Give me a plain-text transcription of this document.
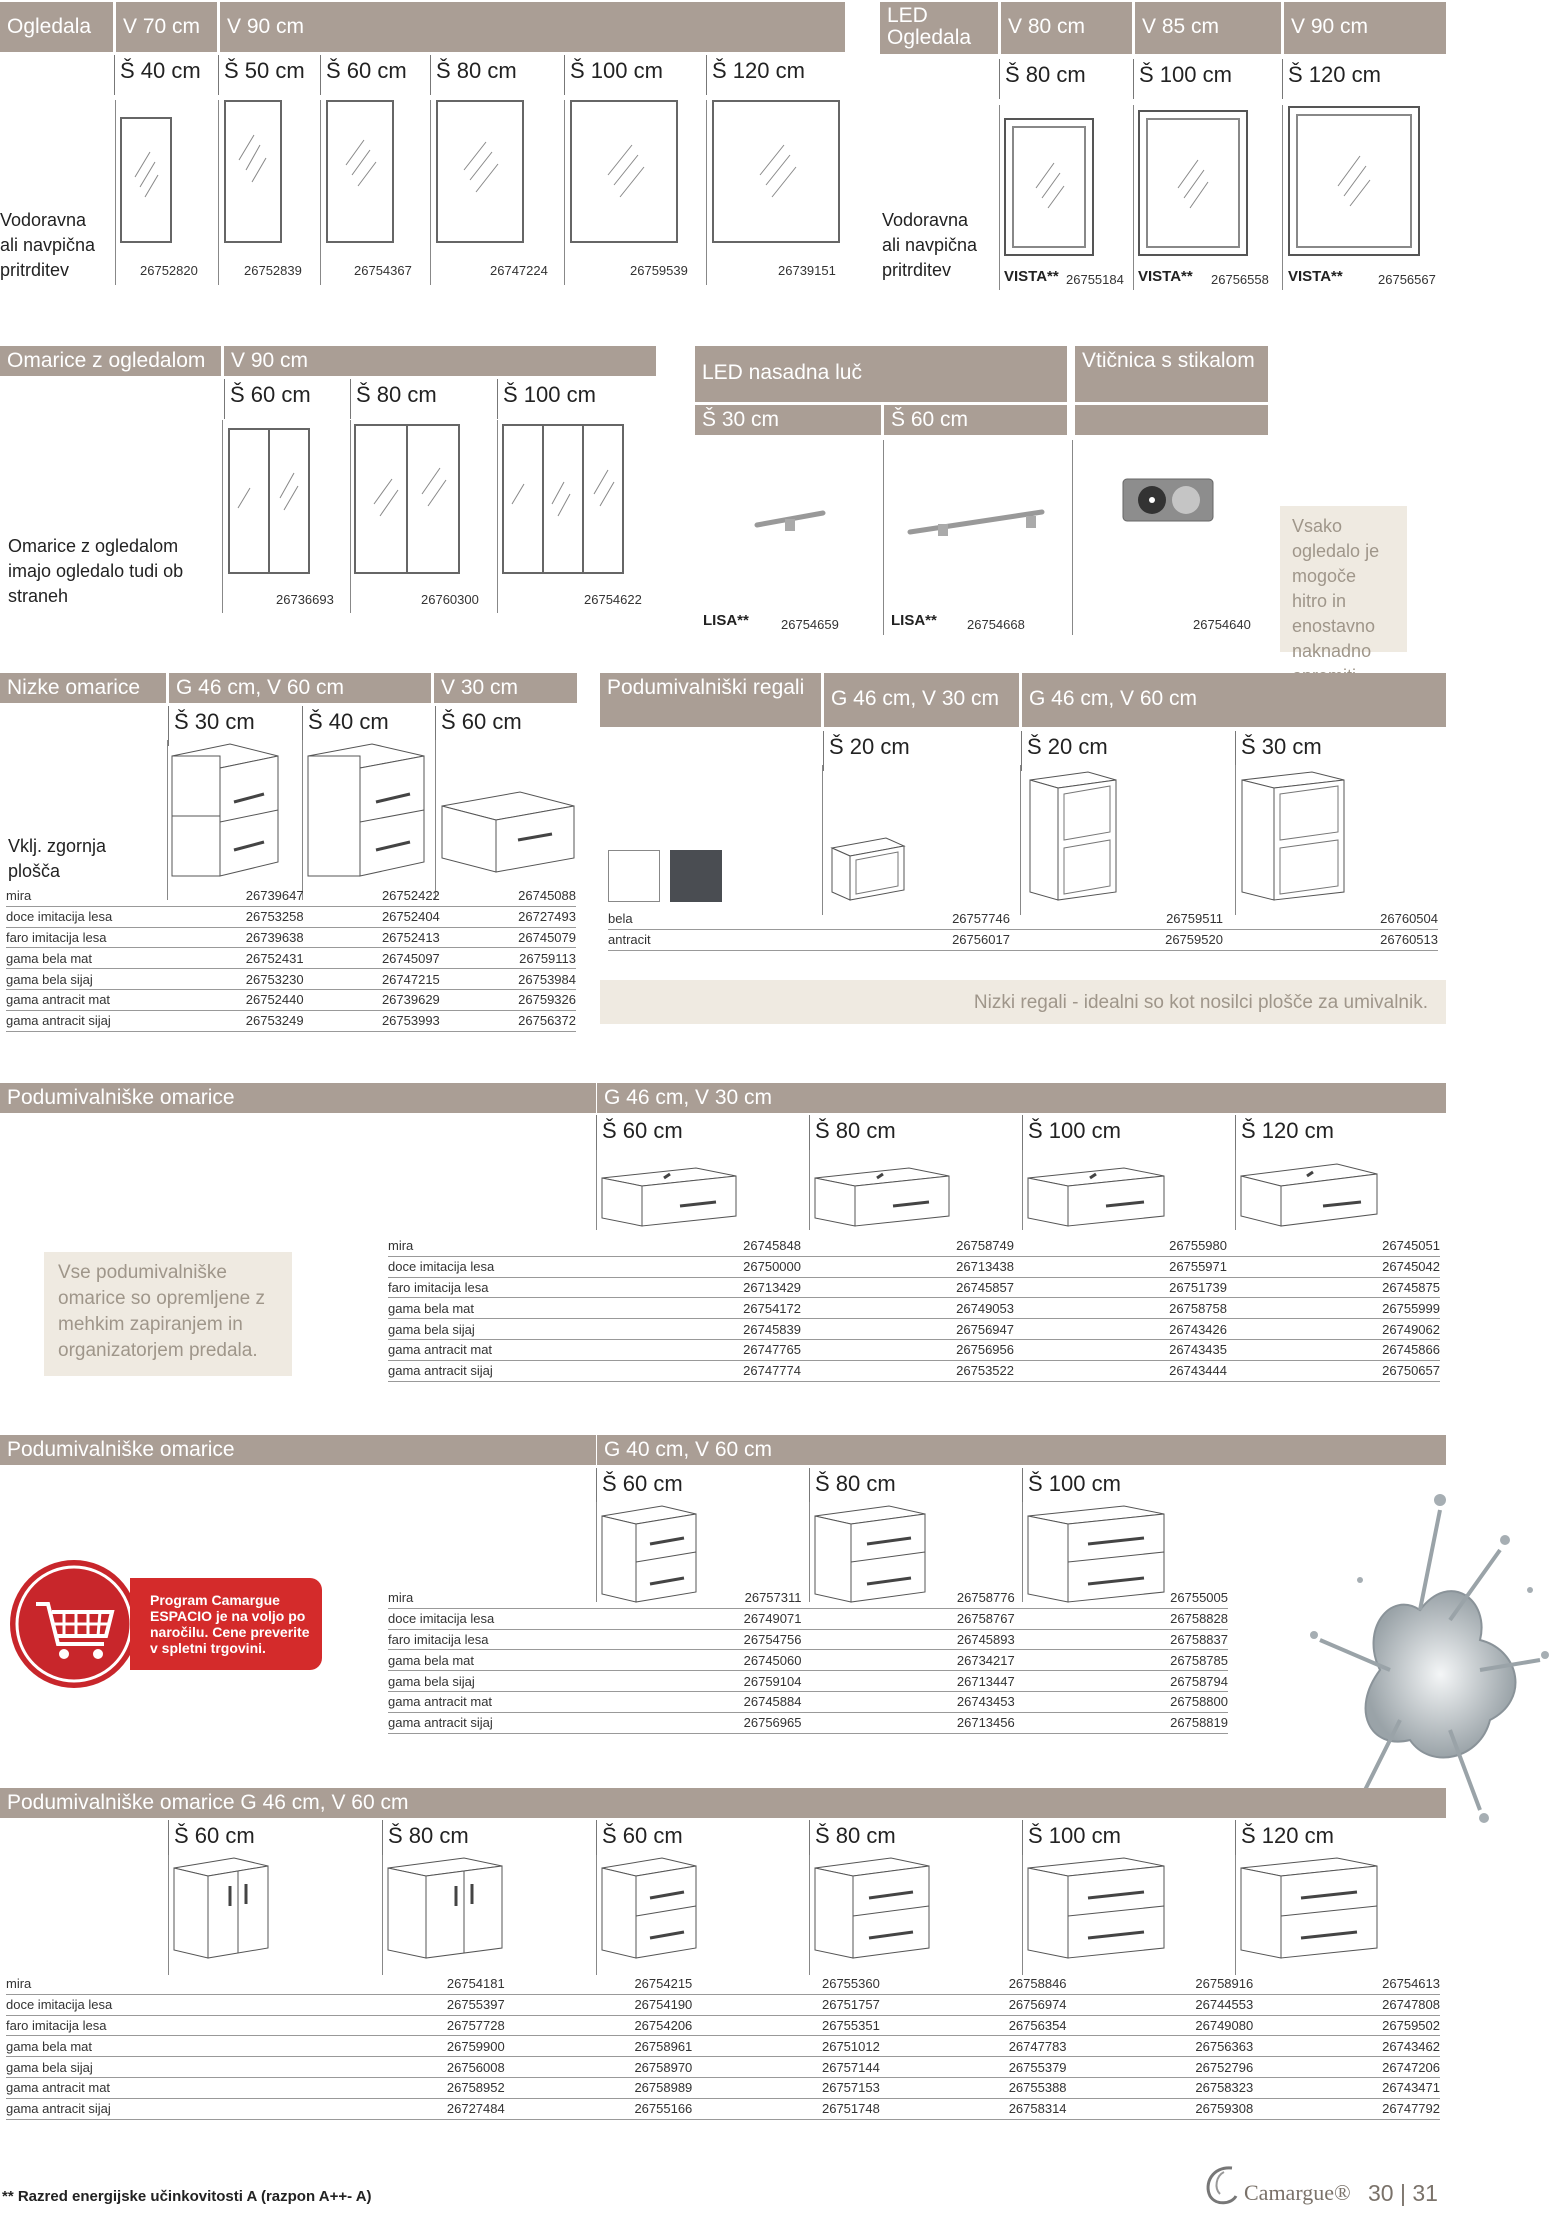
Ogledala	V 70 cm	V 90 cm
Š 40 cm Š 50 cm Š 60 cm Š 80 cm Š 100 cm Š 120 cm
Vodoravna ali navpična pritrditev	26752820	26752839	26754367	26747224	26759539	26739151
LED Ogledala	V 80 cm	V 85 cm	V 90 cm
Š 80 cm Š 100 cm	Š 120 cm
Vodoravna ali navpična pritrditev	VISTA**	VISTA**	VISTA**
26755184	26756558	26756567
Omarice z ogledalom	V 90 cm
Š 60 cm Š 80 cm	Š 100 cm
Omarice z ogledalom imajo ogledalo tudi ob straneh	26736693	26760300	26754622
LED nasadna luč
Š 30 cm	Š 60 cm
LISA**	LISA**
26754659	26754668
Vtičnica s stikalom
26754640
Vsako ogledalo je mogoče hitro in enostavno naknadno
Nizke omarice	G 46 cm, V 60 cm	V 30 cm
Š 30 cm Š 40 cm Š 60 cm
Vklj. zgornja plošča
mira	26739647	26752422	26745088
doce imitacija lesa	26753258	26752404	26727493
faro imitacija lesa	26739638	26752413	26745079
gama bela mat	26752431	26745097	26759113
gama bela sijaj	26753230	26747215	26753984
gama antracit mat	26752440	26739629	26759326
gama antracit sijaj	26753249	26753993	26756372
Podumivalniški regali	G 46 cm, V 30 cm	G 46 cm, V 60 cm
Š 20 cm	Š 20 cm	Š 30 cm
bela	26757746	26759511	26760504
antracit	26756017	26759520	26760513
Nizki regali - idealni so kot nosilci plošče za umivalnik.
Podumivalniške omarice	G 46 cm, V 30 cm
Š 60 cm	Š 80 cm	Š 100 cm	Š 120 cm
Vse podumivalniške omarice so opremljene z mehkim zapiranjem in organizatorjem predala.
mira	26745848	26758749	26755980	26745051
doce imitacija lesa	26750000	26713438	26755971	26745042
faro imitacija lesa	26713429	26745857	26751739	26745875
gama bela mat	26754172	26749053	26758758	26755999
gama bela sijaj	26745839	26756947	26743426	26749062
gama antracit mat	26747765	26756956	26743435	26745866
gama antracit sijaj	26747774	26753522	26743444	26750657
Podumivalniške omarice	G 40 cm, V 60 cm
Š 60 cm	Š 80 cm	Š 100 cm
Program Camargue ESPACIO je na voljo po naročilu. Cene preverite v spletni trgovini.
mira	26757311	26758776	26755005
doce imitacija lesa	26749071	26758767	26758828
faro imitacija lesa	26754756	26745893	26758837
gama bela mat	26745060	26734217	26758785
gama bela sijaj	26759104	26713447	26758794
gama antracit mat	26745884	26743453	26758800
gama antracit sijaj	26756965	26713456	26758819
Podumivalniške omarice G 46 cm, V 60 cm
Š 60 cm	Š 80 cm	Š 60 cm	Š 80 cm	Š 100 cm	Š 120 cm
mira	26754181	26754215	26755360	26758846	26758916	26754613
doce imitacija lesa	26755397	26754190	26751757	26756974	26744553	26747808
faro imitacija lesa	26757728	26754206	26755351	26756354	26749080	26759502
gama bela mat	26759900	26758961	26751012	26747783	26756363	26743462
gama bela sijaj	26756008	26758970	26757144	26755379	26752796	26747206
gama antracit mat	26758952	26758989	26757153	26755388	26758323	26743471
gama antracit sijaj	26727484	26755166	26751748	26758314	26759308	26747792
** Razred energijske učinkovitosti A (razpon A++- A)	Camargue® 30 | 31
